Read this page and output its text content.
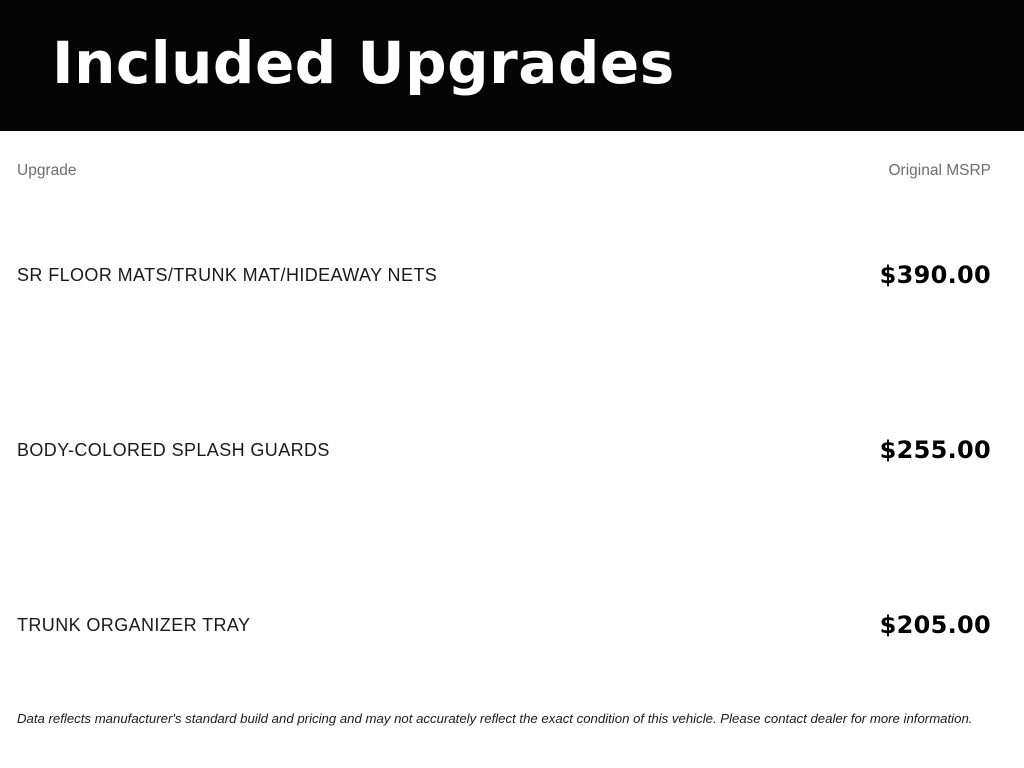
Included Upgrades
Upgrade	Original MSRP
SR FLOOR MATS/TRUNK MAT/HIDEAWAY NETS	$390.00
BODY-COLORED SPLASH GUARDS	$255.00
TRUNK ORGANIZER TRAY	$205.00
Data reflects manufacturer's standard build and pricing and may not accurately reflect the exact condition of this vehicle. Please contact dealer for more information.
